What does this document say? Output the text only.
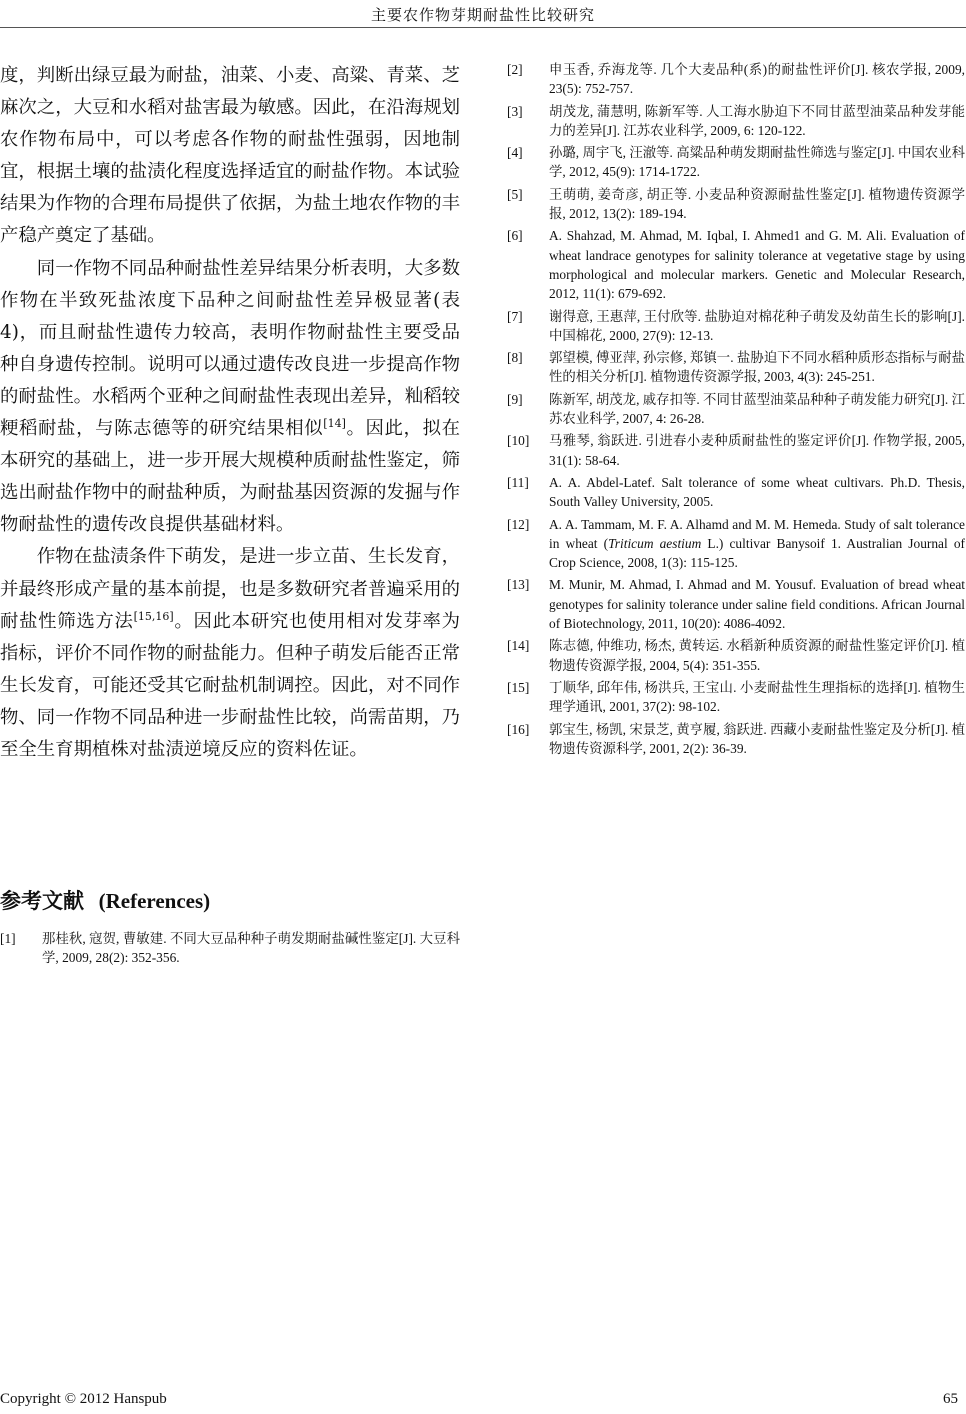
主要农作物芽期耐盐性比较研究

度，判断出绿豆最为耐盐，油菜、小麦、高粱、青菜、芝麻次之，大豆和水稻对盐害最为敏感。因此，在沿海规划农作物布局中，可以考虑各作物的耐盐性强弱，因地制宜，根据土壤的盐渍化程度选择适宜的耐盐作物。本试验结果为作物的合理布局提供了依据，为盐土地农作物的丰产稳产奠定了基础。

同一作物不同品种耐盐性差异结果分析表明，大多数作物在半致死盐浓度下品种之间耐盐性差异极显著(表 4)，而且耐盐性遗传力较高，表明作物耐盐性主要受品种自身遗传控制。说明可以通过遗传改良进一步提高作物的耐盐性。水稻两个亚种之间耐盐性表现出差异，籼稻较粳稻耐盐，与陈志德等的研究结果相似[14]。因此，拟在本研究的基础上，进一步开展大规模种质耐盐性鉴定，筛选出耐盐作物中的耐盐种质，为耐盐基因资源的发掘与作物耐盐性的遗传改良提供基础材料。

作物在盐渍条件下萌发，是进一步立苗、生长发育，并最终形成产量的基本前提，也是多数研究者普遍采用的耐盐性筛选方法[15,16]。因此本研究也使用相对发芽率为指标，评价不同作物的耐盐能力。但种子萌发后能否正常生长发育，可能还受其它耐盐机制调控。因此，对不同作物、同一作物不同品种进一步耐盐性比较，尚需苗期，乃至全生育期植株对盐渍逆境反应的资料佐证。

参考文献 (References)
[1]	那桂秋, 寇贺, 曹敏建. 不同大豆品种种子萌发期耐盐碱性鉴定[J]. 大豆科学, 2009, 28(2): 352-356.
[2]	申玉香, 乔海龙等. 几个大麦品种(系)的耐盐性评价[J]. 核农学报, 2009, 23(5): 752-757.
[3]	胡茂龙, 蒲慧明, 陈新军等. 人工海水胁迫下不同甘蓝型油菜品种发芽能力的差异[J]. 江苏农业科学, 2009, 6: 120-122.
[4]	孙璐, 周宇飞, 汪澈等. 高粱品种萌发期耐盐性筛选与鉴定[J]. 中国农业科学, 2012, 45(9): 1714-1722.
[5]	王萌萌, 姜奇彦, 胡正等. 小麦品种资源耐盐性鉴定[J]. 植物遗传资源学报, 2012, 13(2): 189-194.
[6]	A. Shahzad, M. Ahmad, M. Iqbal, I. Ahmed1 and G. M. Ali. Evaluation of wheat landrace genotypes for salinity tolerance at vegetative stage by using morphological and molecular markers. Genetic and Molecular Research, 2012, 11(1): 679-692.
[7]	谢得意, 王惠萍, 王付欣等. 盐胁迫对棉花种子萌发及幼苗生长的影响[J]. 中国棉花, 2000, 27(9): 12-13.
[8]	郭望模, 傅亚萍, 孙宗修, 郑镇一. 盐胁迫下不同水稻种质形态指标与耐盐性的相关分析[J]. 植物遗传资源学报, 2003, 4(3): 245-251.
[9]	陈新军, 胡茂龙, 戚存扣等. 不同甘蓝型油菜品种种子萌发能力研究[J]. 江苏农业科学, 2007, 4: 26-28.
[10]	马雅琴, 翁跃进. 引进春小麦种质耐盐性的鉴定评价[J]. 作物学报, 2005, 31(1): 58-64.
[11]	A. A. Abdel-Latef. Salt tolerance of some wheat cultivars. Ph.D. Thesis, South Valley University, 2005.
[12]	A. A. Tammam, M. F. A. Alhamd and M. M. Hemeda. Study of salt tolerance in wheat (Triticum aestium L.) cultivar Banysoif 1. Australian Journal of Crop Science, 2008, 1(3): 115-125.
[13]	M. Munir, M. Ahmad, I. Ahmad and M. Yousuf. Evaluation of bread wheat genotypes for salinity tolerance under saline field conditions. African Journal of Biotechnology, 2011, 10(20): 4086-4092.
[14]	陈志德, 仲维功, 杨杰, 黄转运. 水稻新种质资源的耐盐性鉴定评价[J]. 植物遗传资源学报, 2004, 5(4): 351-355.
[15]	丁顺华, 邱年伟, 杨洪兵, 王宝山. 小麦耐盐性生理指标的选择[J]. 植物生理学通讯, 2001, 37(2): 98-102.
[16]	郭宝生, 杨凯, 宋景芝, 黄亨履, 翁跃进. 西藏小麦耐盐性鉴定及分析[J]. 植物遗传资源科学, 2001, 2(2): 36-39.
Copyright © 2012 Hanspub	65
